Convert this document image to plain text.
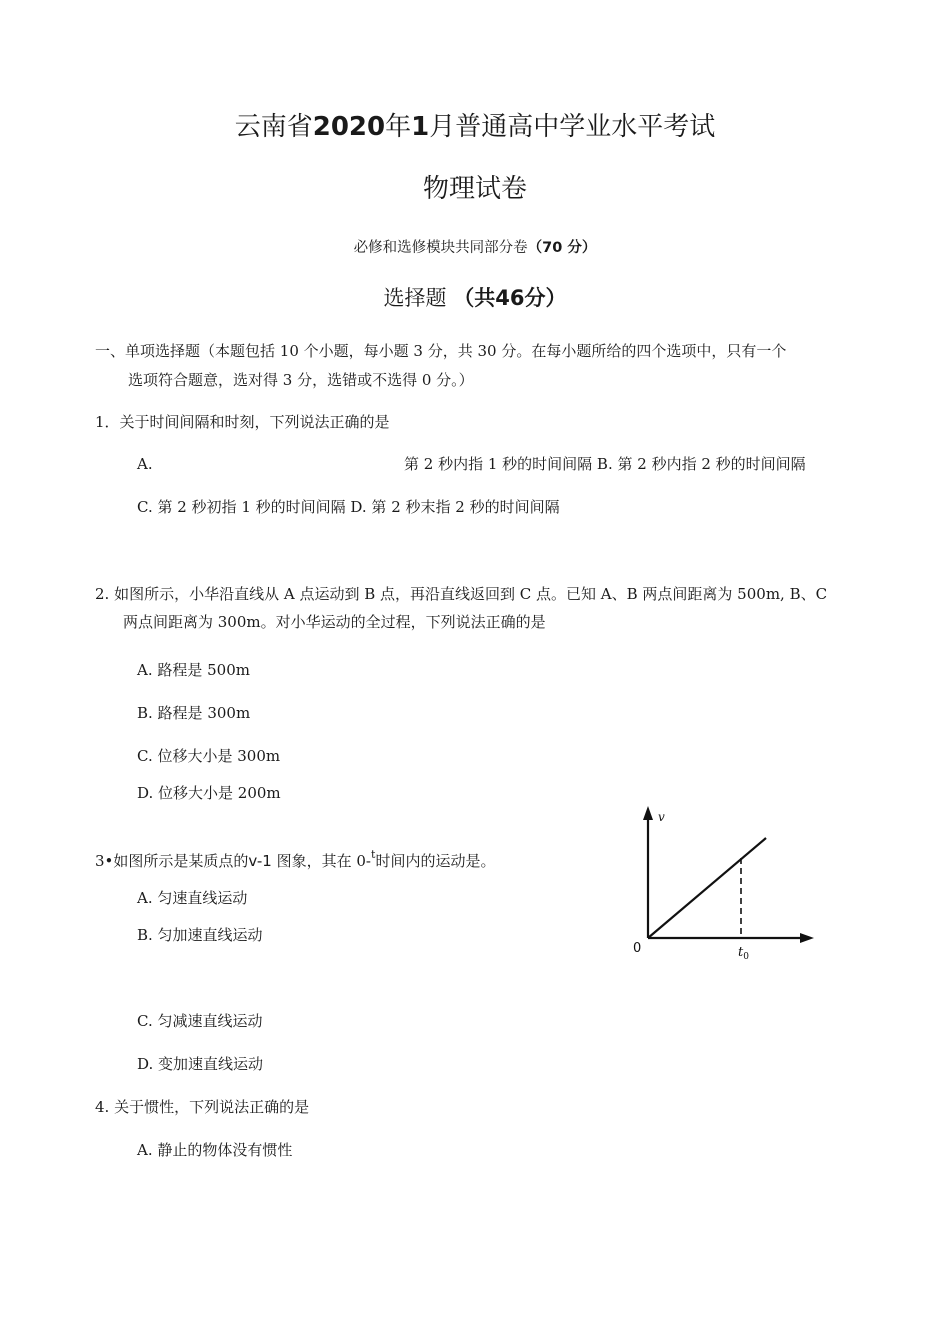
云南省2020年1月普通高中学业水平考试
物理试卷
必修和选修模块共同部分卷（70 分）
选择题 （共46分）
一、单项选择题（本题包括 10 个小题，每小题 3 分，共 30 分。在每小题所给的四个选项中，只有一个
选项符合题意，选对得 3 分，选错或不选得 0 分。）
1．关于时间间隔和时刻，下列说法正确的是
A.	第 2 秒内指 1 秒的时间间隔 B. 第 2 秒内指 2 秒的时间间隔
C. 第 2 秒初指 1 秒的时间间隔 D. 第 2 秒末指 2 秒的时间间隔
2. 如图所示，小华沿直线从 A 点运动到 B 点，再沿直线返回到 C 点。已知 A、B 两点间距离为 500m, B、C
两点间距离为 300m。对小华运动的全过程，下列说法正确的是
A. 路程是 500m
B. 路程是 300m
C. 位移大小是 300m
D. 位移大小是 200m
3•如图所示是某质点的v-1 图象，其在 0-$^t$时间内的运动是。
A. 匀速直线运动
B. 匀加速直线运动
C. 匀减速直线运动
D. 变加速直线运动
v
0	$t_0$
4. 关于惯性，下列说法正确的是
A. 静止的物体没有惯性
